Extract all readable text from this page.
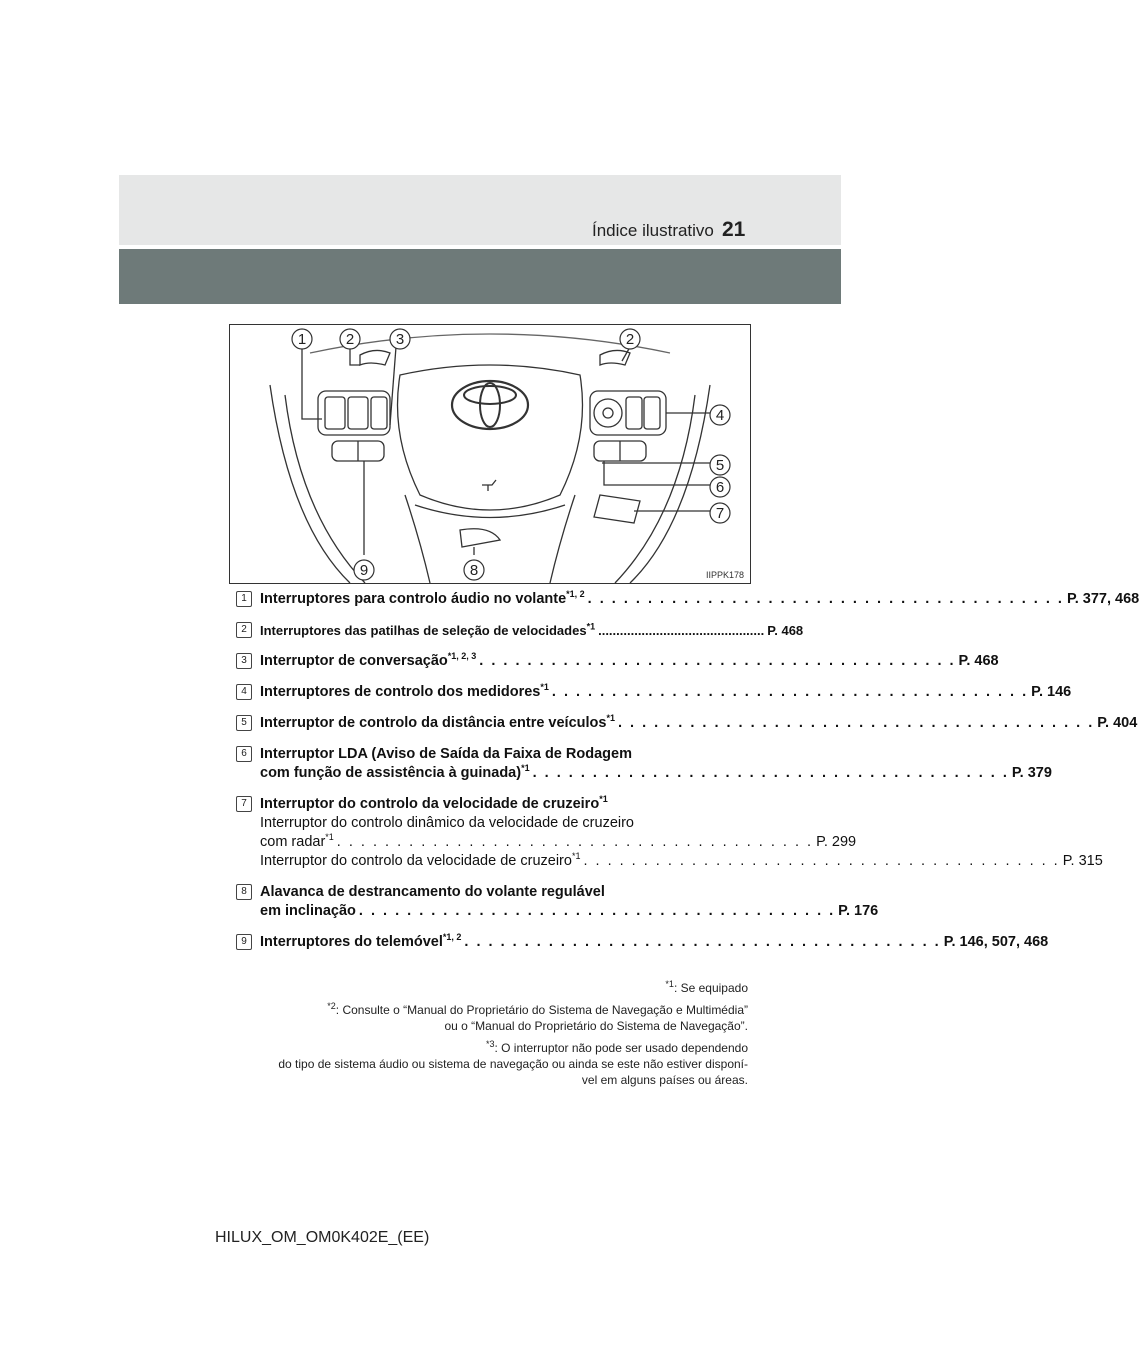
Índice ilustrativo 21
1	2	3	2
4
5
6
7
9	8	IIPPK178
1 Interruptores para controlo áudio no volante$^{*1, 2}$ . . . . . . . . . . . . . . . . . . . . . . . . . . . . . . . . . . . . . . . . P. 377, 468
2	Interruptores das patilhas de seleção de velocidades$^{*1}$ .............................................. P. 468
3 Interruptor de conversação$^{*1, 2, 3}$ . . . . . . . . . . . . . . . . . . . . . . . . . . . . . . . . . . . . . . . . P. 468
4 Interruptores de controlo dos medidores$^{*1}$ . . . . . . . . . . . . . . . . . . . . . . . . . . . . . . . . . . . . . . . . P. 146
5 Interruptor de controlo da distância entre veículos$^{*1}$ . . . . . . . . . . . . . . . . . . . . . . . . . . . . . . . . . . . . . . . . P. 404
6 Interruptor LDA (Aviso de Saída da Faixa de Rodagem
com função de assistência à guinada)$^{*1}$ . . . . . . . . . . . . . . . . . . . . . . . . . . . . . . . . . . . . . . . . P. 379
7 Interruptor do controlo da velocidade de cruzeiro$^{*1}$
Interruptor do controlo dinâmico da velocidade de cruzeiro
com radar$^{*1}$ . . . . . . . . . . . . . . . . . . . . . . . . . . . . . . . . . . . . . . . . P. 299
Interruptor do controlo da velocidade de cruzeiro$^{*1}$ . . . . . . . . . . . . . . . . . . . . . . . . . . . . . . . . . . . . . . . . P. 315
8 Alavanca de destrancamento do volante regulável
em inclinação . . . . . . . . . . . . . . . . . . . . . . . . . . . . . . . . . . . . . . . . P. 176
9 Interruptores do telemóvel$^{*1, 2}$ . . . . . . . . . . . . . . . . . . . . . . . . . . . . . . . . . . . . . . . . P. 146, 507, 468

$^{*1}$: Se equipado

$^{*2}$: Consulte o “Manual do Proprietário do Sistema de Navegação e Multimédia”
ou o “Manual do Proprietário do Sistema de Navegação”.

$^{*3}$: O interruptor não pode ser usado dependendo
do tipo de sistema áudio ou sistema de navegação ou ainda se este não estiver disponí-
vel em alguns países ou áreas.

HILUX_OM_OM0K402E_(EE)
